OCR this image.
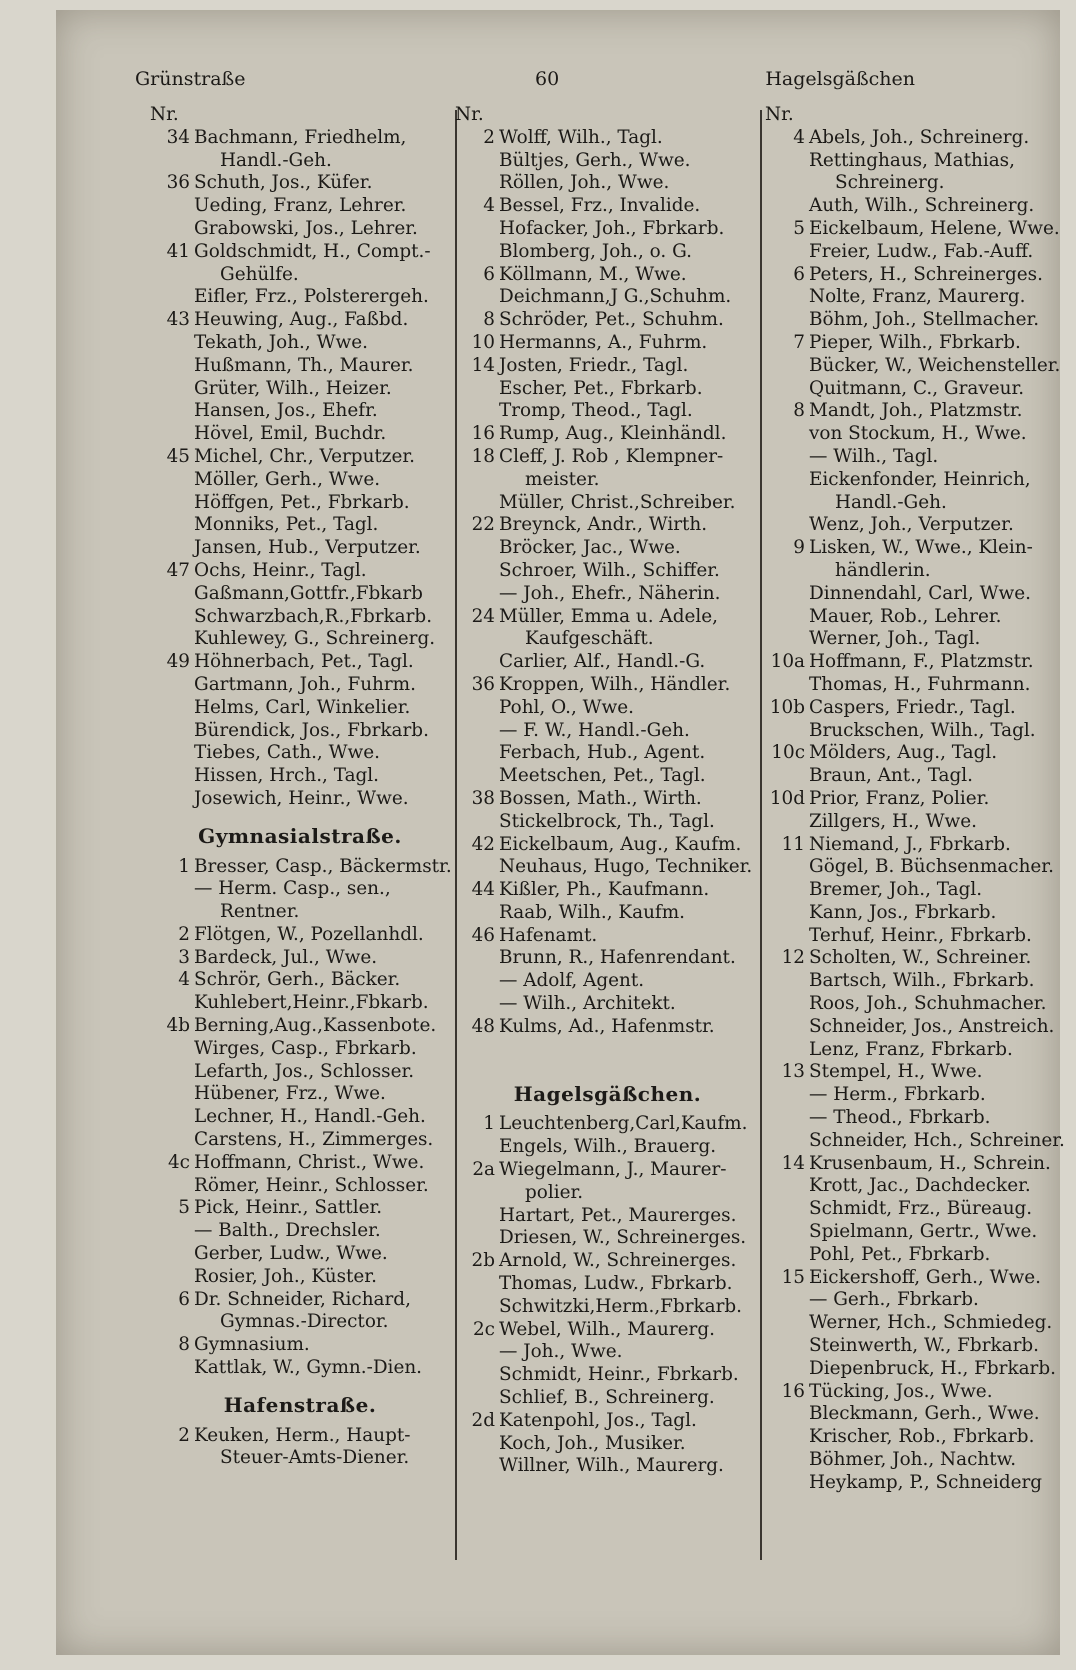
Grünstraße	60	Hagelsgäßchen
Nr.
34 Bachmann, Friedhelm,
Handl.-Geh.
36 Schuth, Jos., Küfer.
Ueding, Franz, Lehrer.
Grabowski, Jos., Lehrer.
41 Goldschmidt, H., Compt.-
Gehülfe.
Eifler, Frz., Polsterergeh.
43 Heuwing, Aug., Faßbd.
Tekath, Joh., Wwe.
Hußmann, Th., Maurer.
Grüter, Wilh., Heizer.
Hansen, Jos., Ehefr.
Hövel, Emil, Buchdr.
45 Michel, Chr., Verputzer.
Möller, Gerh., Wwe.
Höffgen, Pet., Fbrkarb.
Monniks, Pet., Tagl.
Jansen, Hub., Verputzer.
47 Ochs, Heinr., Tagl.
Gaßmann,Gottfr.,Fbkarb
Schwarzbach,R.,Fbrkarb.
Kuhlewey, G., Schreinerg.
49 Höhnerbach, Pet., Tagl.
Gartmann, Joh., Fuhrm.
Helms, Carl, Winkelier.
Bürendick, Jos., Fbrkarb.
Tiebes, Cath., Wwe.
Hissen, Hrch., Tagl.
Josewich, Heinr., Wwe.
Gymnasialstraße.
1 Bresser, Casp., Bäckermstr.
— Herm. Casp., sen.,
Rentner.
2 Flötgen, W., Pozellanhdl.
3 Bardeck, Jul., Wwe.
4 Schrör, Gerh., Bäcker.
Kuhlebert,Heinr.,Fbkarb.
4b Berning,Aug.,Kassenbote.
Wirges, Casp., Fbrkarb.
Lefarth, Jos., Schlosser.
Hübener, Frz., Wwe.
Lechner, H., Handl.-Geh.
Carstens, H., Zimmerges.
4c Hoffmann, Christ., Wwe.
Römer, Heinr., Schlosser.
5 Pick, Heinr., Sattler.
— Balth., Drechsler.
Gerber, Ludw., Wwe.
Rosier, Joh., Küster.
6 Dr. Schneider, Richard,
Gymnas.-Director.
8 Gymnasium.
Kattlak, W., Gymn.-Dien.
Hafenstraße.
2 Keuken, Herm., Haupt-
Steuer-Amts-Diener.
Nr.
2 Wolff, Wilh., Tagl.
Bültjes, Gerh., Wwe.
Röllen, Joh., Wwe.
4 Bessel, Frz., Invalide.
Hofacker, Joh., Fbrkarb.
Blomberg, Joh., o. G.
6 Köllmann, M., Wwe.
Deichmann,J G.,Schuhm.
8 Schröder, Pet., Schuhm.
10 Hermanns, A., Fuhrm.
14 Josten, Friedr., Tagl.
Escher, Pet., Fbrkarb.
Tromp, Theod., Tagl.
16 Rump, Aug., Kleinhändl.
18 Cleff, J. Rob , Klempner-
meister.
Müller, Christ.,Schreiber.
22 Breynck, Andr., Wirth.
Bröcker, Jac., Wwe.
Schroer, Wilh., Schiffer.
— Joh., Ehefr., Näherin.
24 Müller, Emma u. Adele,
Kaufgeschäft.
Carlier, Alf., Handl.-G.
36 Kroppen, Wilh., Händler.
Pohl, O., Wwe.
— F. W., Handl.-Geh.
Ferbach, Hub., Agent.
Meetschen, Pet., Tagl.
38 Bossen, Math., Wirth.
Stickelbrock, Th., Tagl.
42 Eickelbaum, Aug., Kaufm.
Neuhaus, Hugo, Techniker.
44 Kißler, Ph., Kaufmann.
Raab, Wilh., Kaufm.
46 Hafenamt.
Brunn, R., Hafenrendant.
— Adolf, Agent.
— Wilh., Architekt.
48 Kulms, Ad., Hafenmstr.
Hagelsgäßchen.
1 Leuchtenberg,Carl,Kaufm.
Engels, Wilh., Brauerg.
2a Wiegelmann, J., Maurer-
polier.
Hartart, Pet., Maurerges.
Driesen, W., Schreinerges.
2b Arnold, W., Schreinerges.
Thomas, Ludw., Fbrkarb.
Schwitzki,Herm.,Fbrkarb.
2c Webel, Wilh., Maurerg.
— Joh., Wwe.
Schmidt, Heinr., Fbrkarb.
Schlief, B., Schreinerg.
2d Katenpohl, Jos., Tagl.
Koch, Joh., Musiker.
Willner, Wilh., Maurerg.
Nr.
4 Abels, Joh., Schreinerg.
Rettinghaus, Mathias,
Schreinerg.
Auth, Wilh., Schreinerg.
5 Eickelbaum, Helene, Wwe.
Freier, Ludw., Fab.-Auff.
6 Peters, H., Schreinerges.
Nolte, Franz, Maurerg.
Böhm, Joh., Stellmacher.
7 Pieper, Wilh., Fbrkarb.
Bücker, W., Weichensteller.
Quitmann, C., Graveur.
8 Mandt, Joh., Platzmstr.
von Stockum, H., Wwe.
— Wilh., Tagl.
Eickenfonder, Heinrich,
Handl.-Geh.
Wenz, Joh., Verputzer.
9 Lisken, W., Wwe., Klein-
händlerin.
Dinnendahl, Carl, Wwe.
Mauer, Rob., Lehrer.
Werner, Joh., Tagl.
10a Hoffmann, F., Platzmstr.
Thomas, H., Fuhrmann.
10b Caspers, Friedr., Tagl.
Bruckschen, Wilh., Tagl.
10c Mölders, Aug., Tagl.
Braun, Ant., Tagl.
10d Prior, Franz, Polier.
Zillgers, H., Wwe.
11 Niemand, J., Fbrkarb.
Gögel, B. Büchsenmacher.
Bremer, Joh., Tagl.
Kann, Jos., Fbrkarb.
Terhuf, Heinr., Fbrkarb.
12 Scholten, W., Schreiner.
Bartsch, Wilh., Fbrkarb.
Roos, Joh., Schuhmacher.
Schneider, Jos., Anstreich.
Lenz, Franz, Fbrkarb.
13 Stempel, H., Wwe.
— Herm., Fbrkarb.
— Theod., Fbrkarb.
Schneider, Hch., Schreiner.
14 Krusenbaum, H., Schrein.
Krott, Jac., Dachdecker.
Schmidt, Frz., Büreaug.
Spielmann, Gertr., Wwe.
Pohl, Pet., Fbrkarb.
15 Eickershoff, Gerh., Wwe.
— Gerh., Fbrkarb.
Werner, Hch., Schmiedeg.
Steinwerth, W., Fbrkarb.
Diepenbruck, H., Fbrkarb.
16 Tücking, Jos., Wwe.
Bleckmann, Gerh., Wwe.
Krischer, Rob., Fbrkarb.
Böhmer, Joh., Nachtw.
Heykamp, P., Schneiderg
